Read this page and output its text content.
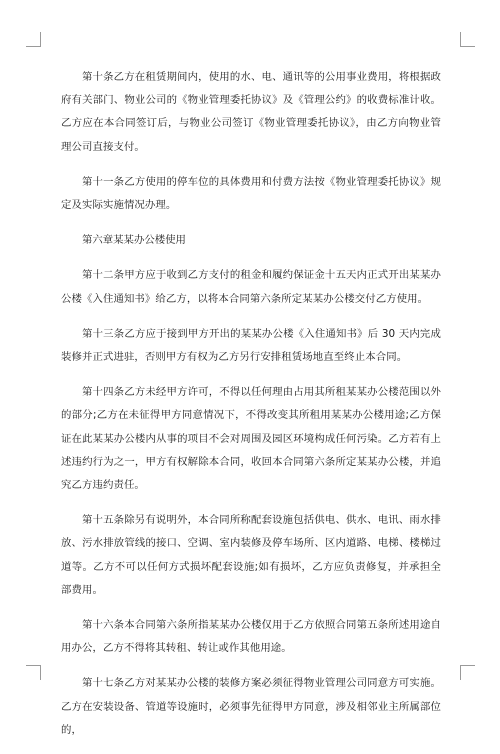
第十条乙方在租赁期间内，使用的水、电、通讯等的公用事业费用，将根据政府有关部门、物业公司的《物业管理委托协议》及《管理公约》的收费标准计收。乙方应在本合同签订后，与物业公司签订《物业管理委托协议》，由乙方向物业管理公司直接支付。

第十一条乙方使用的停车位的具体费用和付费方法按《物业管理委托协议》规定及实际实施情况办理。

第六章某某办公楼使用

第十二条甲方应于收到乙方支付的租金和履约保证金十五天内正式开出某某办公楼《入住通知书》给乙方，以将本合同第六条所定某某办公楼交付乙方使用。

第十三条乙方应于接到甲方开出的某某办公楼《入住通知书》后 30 天内完成装修并正式进驻，否则甲方有权为乙方另行安排租赁场地直至终止本合同。

第十四条乙方未经甲方许可，不得以任何理由占用其所租某某办公楼范围以外的部分;乙方在未征得甲方同意情况下，不得改变其所租用某某办公楼用途;乙方保证在此某某办公楼内从事的项目不会对周围及园区环境构成任何污染。乙方若有上述违约行为之一，甲方有权解除本合同，收回本合同第六条所定某某办公楼，并追究乙方违约责任。

第十五条除另有说明外，本合同所称配套设施包括供电、供水、电讯、雨水排放、污水排放管线的接口、空调、室内装修及停车场所、区内道路、电梯、楼梯过道等。乙方不可以任何方式损坏配套设施;如有损坏，乙方应负责修复，并承担全部费用。

第十六条本合同第六条所指某某办公楼仅用于乙方依照合同第五条所述用途自用办公，乙方不得将其转租、转让或作其他用途。

第十七条乙方对某某办公楼的装修方案必须征得物业管理公司同意方可实施。乙方在安装设备、管道等设施时，必须事先征得甲方同意，涉及相邻业主所属部位的，
